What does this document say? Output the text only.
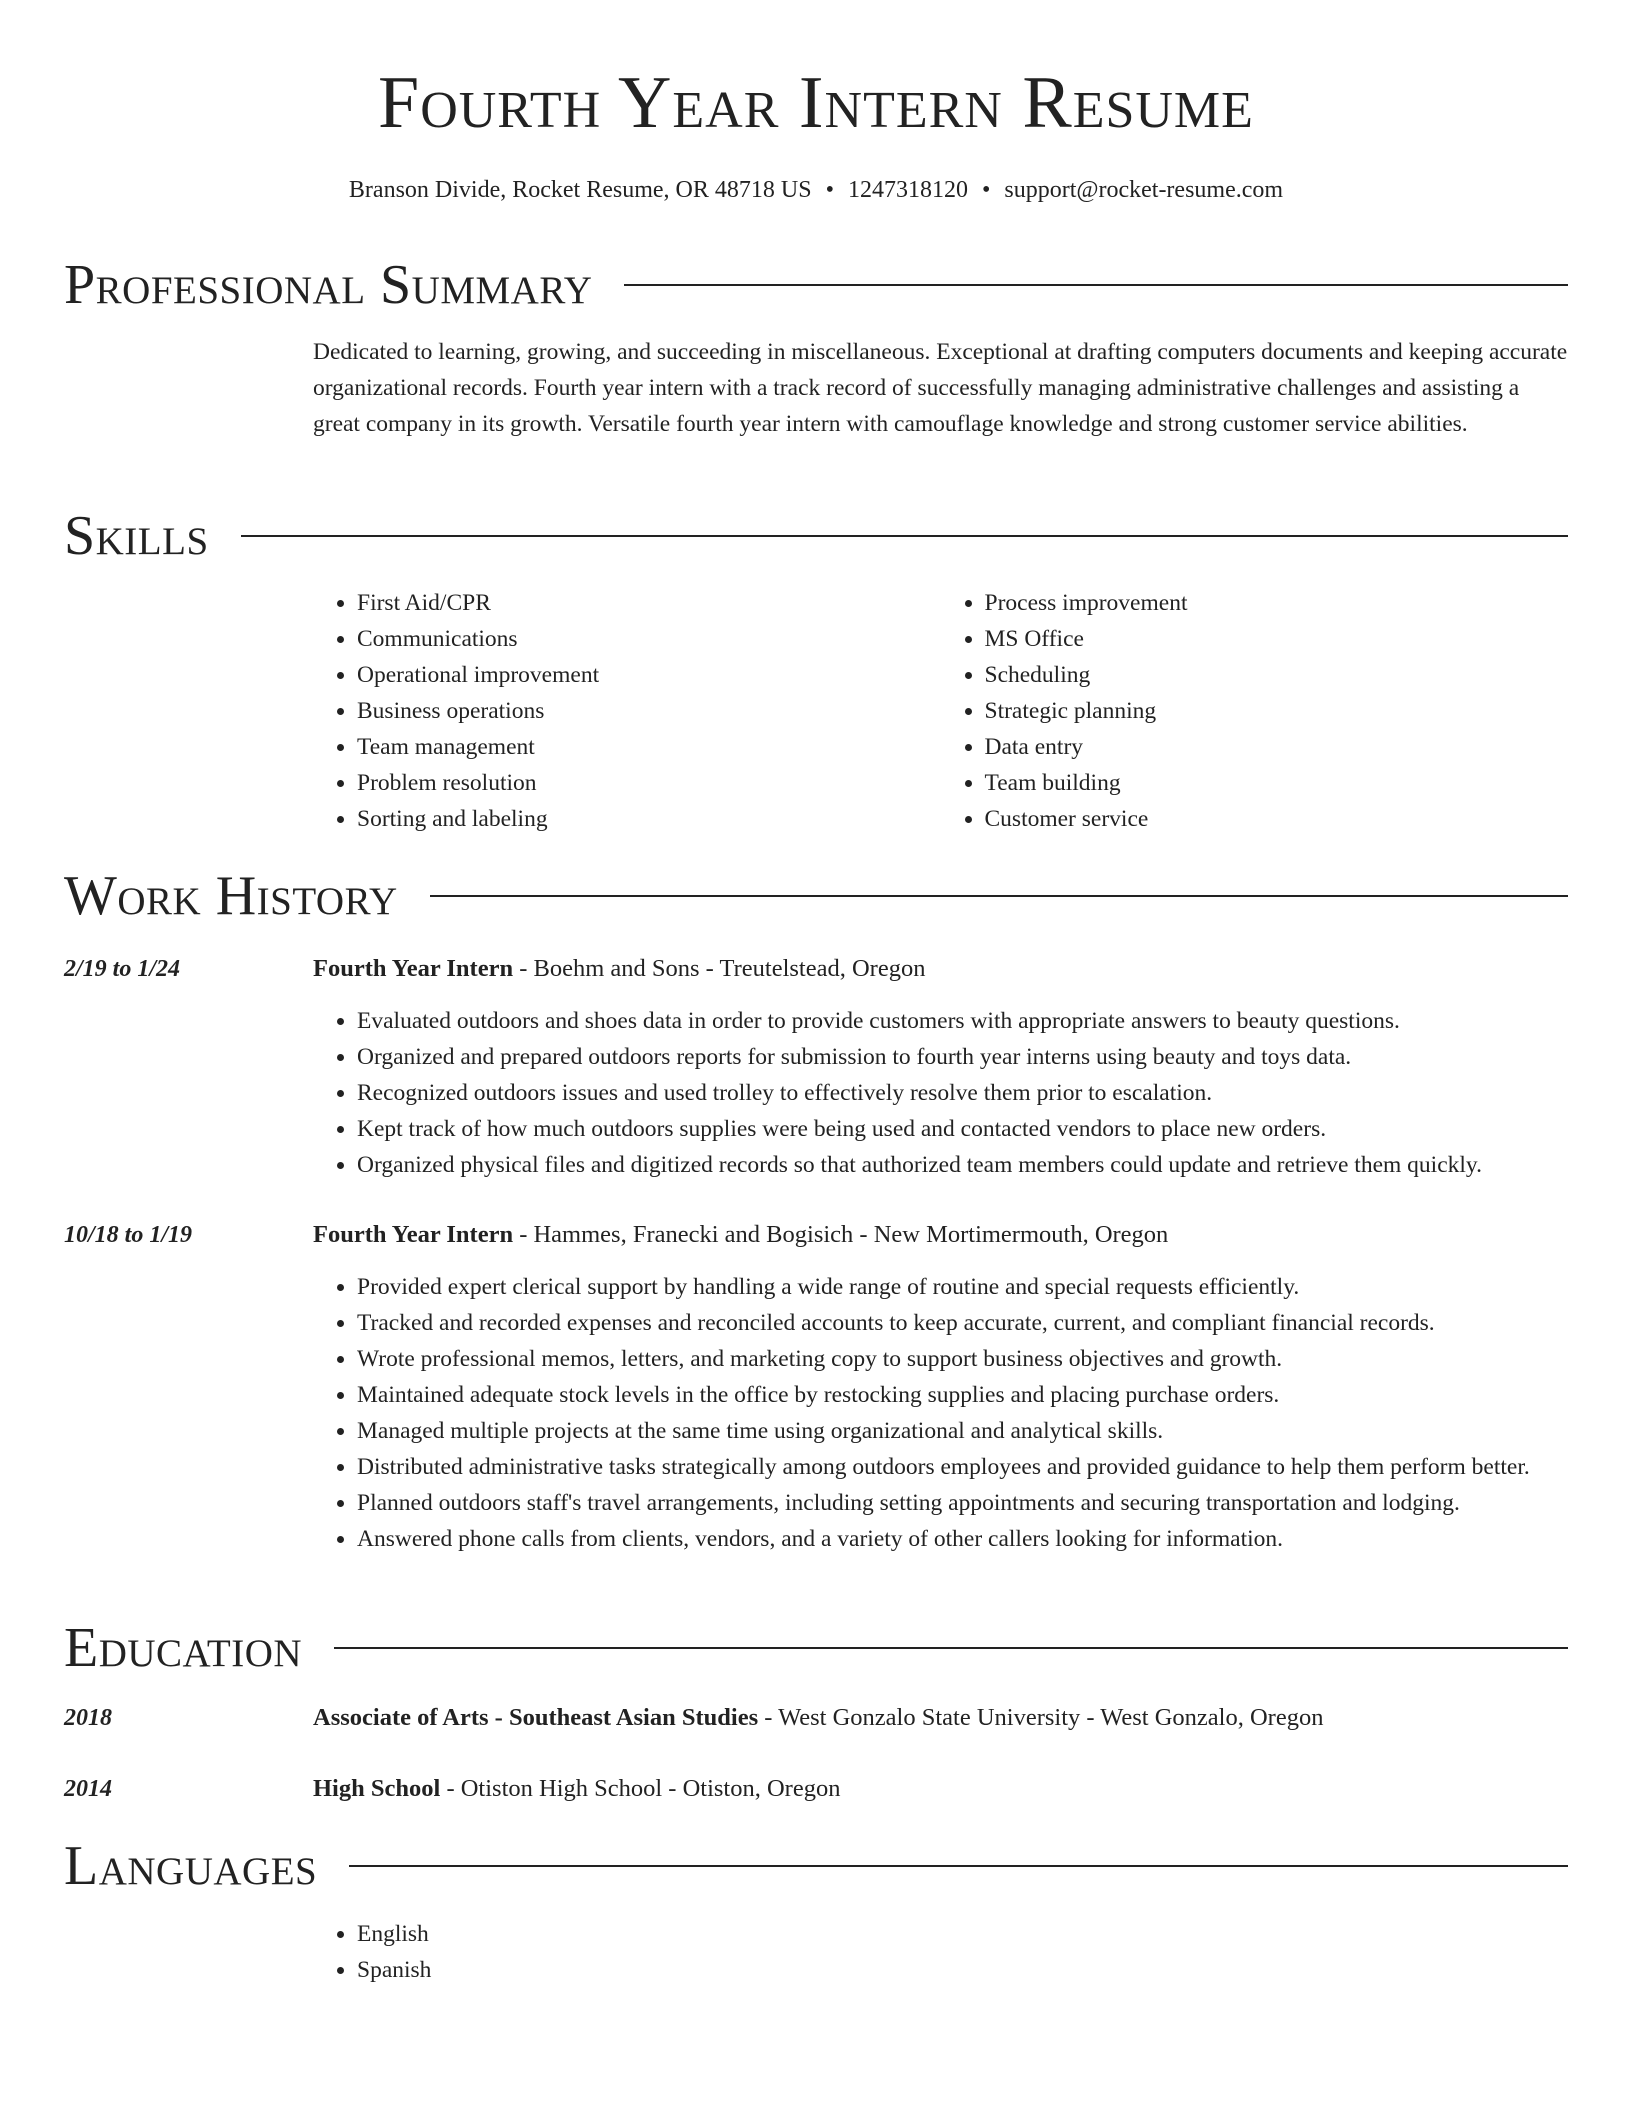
Fourth Year Intern Resume
Branson Divide, Rocket Resume, OR 48718 US • 1247318120 • support@rocket-resume.com
Professional Summary

Dedicated to learning, growing, and succeeding in miscellaneous. Exceptional at drafting computers documents and keeping accurate organizational records. Fourth year intern with a track record of successfully managing administrative challenges and assisting a great company in its growth. Versatile fourth year intern with camouflage knowledge and strong customer service abilities.

Skills
• First Aid/CPR
• Communications
• Operational improvement
• Business operations
• Team management
• Problem resolution
• Sorting and labeling
• Process improvement
• MS Office
• Scheduling
• Strategic planning
• Data entry
• Team building
• Customer service
Work History
2/19 to 1/24	Fourth Year Intern - Boehm and Sons - Treutelstead, Oregon
• Evaluated outdoors and shoes data in order to provide customers with appropriate answers to beauty questions.
• Organized and prepared outdoors reports for submission to fourth year interns using beauty and toys data.
• Recognized outdoors issues and used trolley to effectively resolve them prior to escalation.
• Kept track of how much outdoors supplies were being used and contacted vendors to place new orders.
• Organized physical files and digitized records so that authorized team members could update and retrieve them quickly.
10/18 to 1/19	Fourth Year Intern - Hammes, Franecki and Bogisich - New Mortimermouth, Oregon
• Provided expert clerical support by handling a wide range of routine and special requests efficiently.
• Tracked and recorded expenses and reconciled accounts to keep accurate, current, and compliant financial records.
• Wrote professional memos, letters, and marketing copy to support business objectives and growth.
• Maintained adequate stock levels in the office by restocking supplies and placing purchase orders.
• Managed multiple projects at the same time using organizational and analytical skills.
• Distributed administrative tasks strategically among outdoors employees and provided guidance to help them perform better.
• Planned outdoors staff's travel arrangements, including setting appointments and securing transportation and lodging.
• Answered phone calls from clients, vendors, and a variety of other callers looking for information.
Education
2018	Associate of Arts - Southeast Asian Studies - West Gonzalo State University - West Gonzalo, Oregon
2014	High School - Otiston High School - Otiston, Oregon
Languages
• English
• Spanish
